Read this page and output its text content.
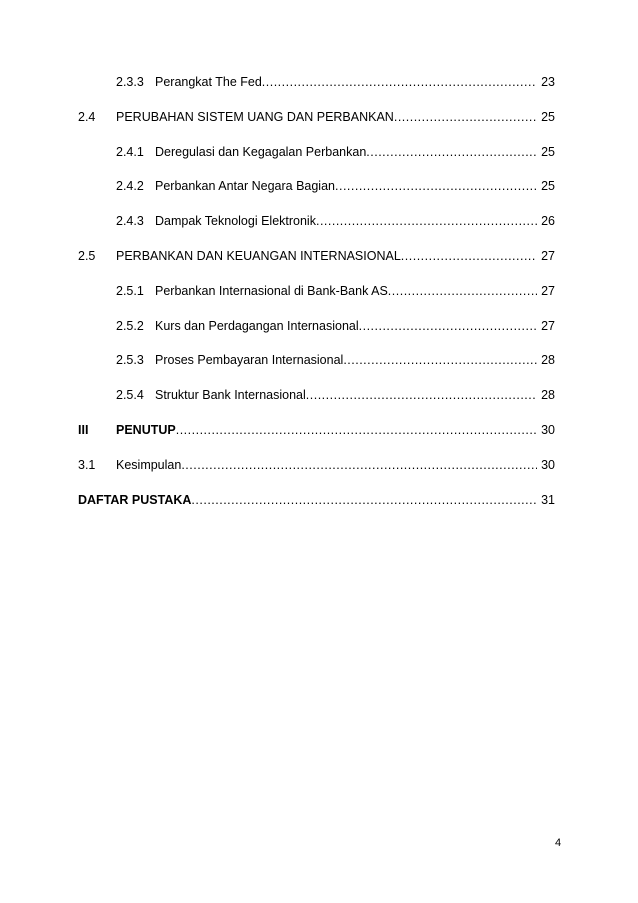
2.3.3 Perangkat The Fed .....	23
2.4 PERUBAHAN SISTEM UANG DAN PERBANKAN .....	25
2.4.1 Deregulasi dan Kegagalan Perbankan .....	25
2.4.2 Perbankan Antar Negara Bagian .....	25
2.4.3 Dampak Teknologi Elektronik .....	26
2.5 PERBANKAN DAN KEUANGAN INTERNASIONAL .....	27
2.5.1 Perbankan Internasional di Bank-Bank AS .....	27
2.5.2 Kurs dan Perdagangan Internasional .....	27
2.5.3 Proses Pembayaran Internasional .....	28
2.5.4 Struktur Bank Internasional .....	28
III PENUTUP .....	30
3.1 Kesimpulan .....	30
DAFTAR PUSTAKA .....	31
4
